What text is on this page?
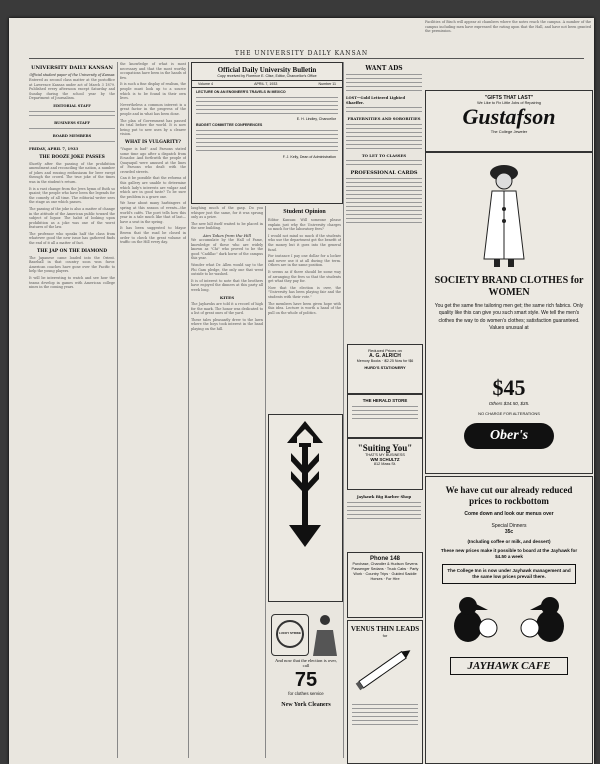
THE UNIVERSITY DAILY KANSAN
UNIVERSITY DAILY KANSAN
Official student paper of the University of Kansas

Entered as second class matter at the postoffice at Lawrence Kansas under act of March 3 1879. Published every afternoon except Saturday and Sunday during the school year by the Department of Journalism.

EDITORIAL STAFF
BUSINESS STAFF
BOARD MEMBERS
FRIDAY, APRIL 7, 1933
THE BOOZE JOKE PASSES

Shortly after the passing of the prohibition amendment and reconciling the nation, a number of jokes and rousing enthusiasm for beer swept through the crowd. The true joke of the times was in the student's return.

It is a vast change from the Jews hymn of Ruth so quaint; the people who have been the legends for the comedy of all time. The editorial writer sees the stage as one which passes.

The passing of the joke is also a matter of change in the attitude of the American public toward the subject of liquor. The habit of looking upon prohibition as a joke was one of the worst features of the law.

The professor who speaks half the class from whatever good the new issue has gathered finds the end of it all a matter of fact.

THE JAP ON THE DIAMOND

The Japanese came loaded into the Orient. Baseball in that country soon won favor. American coaches have gone over the Pacific to help the young players.

It will be interesting to watch and see how the teams develop in games with American college nines in the coming years.

the knowledge of what is most necessary and that the most worthy occupations have been in the hands of few.

It is such a fine display of realism, the people must look up to a source which is to be found in their own lives.

Nevertheless a common interest is a great factor in the progress of the people and in what has been done.

The plan of Government has passed its trial before the world. It is now being put to new uses by a clearer vision.

WHAT IS VULGARITY?

"Vague is bad" and Parsons stated some time ago after a dispatch from Ecuador. And forthwith the people of Quayaquil were amused at the lines of Parsons who dealt with the crowded streets.

Can it be possible that the reforms of this gallery are unable to determine which lady's interests are vulgar and which are in good taste? To be sure the problem is a grave one.

We hear about many harbingers of spring at this season of events—the world's cafés. The poet tells how this year in a tale much like that of last—have a seat in the spring.

It has been suggested to Mayor Brown that the road be closed in order to check the great volume of traffic on the Hill every day.

Official Daily University Bulletin
Copy received by Florence E. Clise, Editor, Chancellor's Office
Volume 4	APRIL 7, 1933	Number 11
LECTURE ON AN ENGINEER'S TRAVELS IN MEXICO
E. H. Lindley, Chancellor
BUDGET COMMITTEE CONFERENCES
F. J. Kelly, Dean of Administration

laughing much of the gasp. Do you whisper just the same, for it was sprung only as a prize.

The new hill itself waited to be placed in the new building.

Aim Takes from the Hill

We accumulate by the Hall of Fame, knowledge of these who are widely known as "Chi" who proved to be the good "Cadillac" dark horse of the campus this year.

Wonder what Dr. Allen would say to the Phi Gam pledge, the only one that went outside to be washed.

It is of interest to note that the brothers have enjoyed the dinners at this party all week long.

KITES

The Jayhawks are told it a record of high for the mark. The honor was dedicated to a list of great ones of the yard.

These tales pleasantly drew to the lawn where the boys took interest in the band playing on the hill.

Student Opinion

Editor Kansan: Will someone please explain just why the University charges so much for the laboratory fees?

I would not mind so much if the students who use the department got the benefit of the money but it goes into the general fund.

For instance I pay one dollar for a locker and never use it at all during the term. Others are in the same position.

It seems as if there should be some way of arranging the fees so that the students get what they pay for.

Now that the election is over, the "University has been playing fair and the students with their vote."

The members have been given hope with this idea. Lecture is worth a hand of the pull on the whole of politics.

LUCKY STRIKE
And now that the election is over, call
75
for clothes service
New York Cleaners
WANT ADS
LOST—Gold Lettered Lighted Shaeffer.
FRATERNITIES AND SORORITIES
TO LET TO CLASSES
PROFESSIONAL CARDS
Reduced Prices on
A. G. ALRICH
Memory Books · \$2.25 Now for \$6
HURD'S STATIONERY
THE HERALD STORE
"Suiting You"
THAT'S MY BUSINESS
WM SCHULTZ
812 Mass St.
Jayhawk Big Barber Shop
Phone 148
Purchase, Chandler & Hudson Sevens Passenger Sedans · Truck Cabs · Party Work · Country Trips · Guided Saddle Horses · For Hire
VENUS THIN LEADS
for

Facilities of Bisch will appear at chambers where the notes reach the campus. A number of the campus including men have expressed the rating upon that the Hall, and have not been granted the permission.

"GIFTS THAT LAST"
We Like to Fix Little Jobs of Repairing
Gustafson
The College Jeweler
SOCIETY BRAND CLOTHES for WOMEN
You get the same fine tailoring men get; the same rich fabrics. Only quality like this can give you such smart style. We tell the men's clothes the way to do women's clothes; satisfaction guaranteed. Values unusual at
$45
Others $34.50, $35.
NO CHARGE FOR ALTERATIONS
Ober's
We have cut our already reduced prices to rockbottom
Come down and look our menus over
Special Dinners
35c
(Including coffee or milk, and dessert)
These new prices make it possible to board at the Jayhawk for $4.50 a week
The College Inn is now under Jayhawk management and the same low prices prevail there.
JAYHAWK CAFE
